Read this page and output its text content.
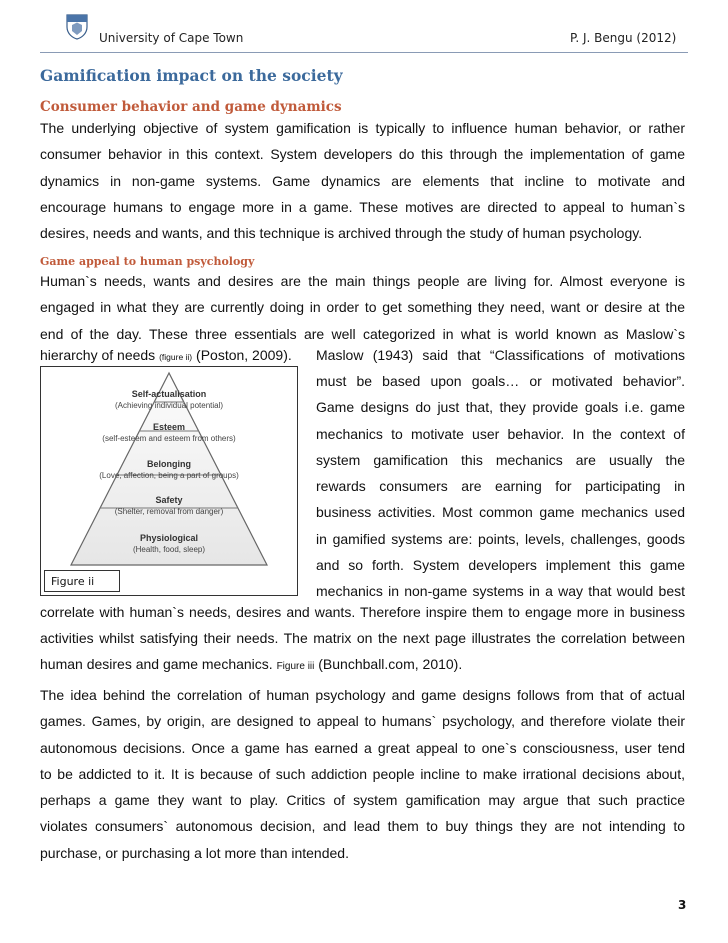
University of Cape Town	P. J. Bengu (2012)
Gamification impact on the society
Consumer behavior and game dynamics
The underlying objective of system gamification is typically to influence human behavior, or rather
consumer behavior in this context. System developers do this through the implementation of game
dynamics in non-game systems. Game dynamics are elements that incline to motivate and
encourage humans to engage more in a game. These motives are directed to appeal to human`s
desires, needs and wants, and this technique is archived through the study of human psychology.
Game appeal to human psychology
Human`s needs, wants and desires are the main things people are living for. Almost everyone is
engaged in what they are currently doing in order to get something they need, want or desire at the
end of the day. These three essentials are well categorized in what is world known as Maslow`s
hierarchy of needs (figure ii) (Poston, 2009). Maslow (1943) said that “Classifications of motivations
must be based upon goals… or motivated behavior”.
Game designs do just that, they provide goals i.e. game
mechanics to motivate user behavior. In the context of
system gamification this mechanics are usually the
rewards consumers are earning for participating in
business activities. Most common game mechanics used
in gamified systems are: points, levels, challenges, goods
and so forth. System developers implement this game
mechanics in non-game systems in a way that would best
Self-actualisation
(Achieving individual potential)
Esteem
(self-esteem and esteem from others)
Belonging
(Love, affection, being a part of groups)
Safety
(Shelter, removal from danger)
Physiological
(Health, food, sleep)
Figure ii
correlate with human`s needs, desires and wants. Therefore inspire them to engage more in business
activities whilst satisfying their needs. The matrix on the next page illustrates the correlation between
human desires and game mechanics. Figure iii (Bunchball.com, 2010).
The idea behind the correlation of human psychology and game designs follows from that of actual
games. Games, by origin, are designed to appeal to humans` psychology, and therefore violate their
autonomous decisions. Once a game has earned a great appeal to one`s consciousness, user tend
to be addicted to it. It is because of such addiction people incline to make irrational decisions about,
perhaps a game they want to play. Critics of system gamification may argue that such practice
violates consumers` autonomous decision, and lead them to buy things they are not intending to
purchase, or purchasing a lot more than intended.
3
